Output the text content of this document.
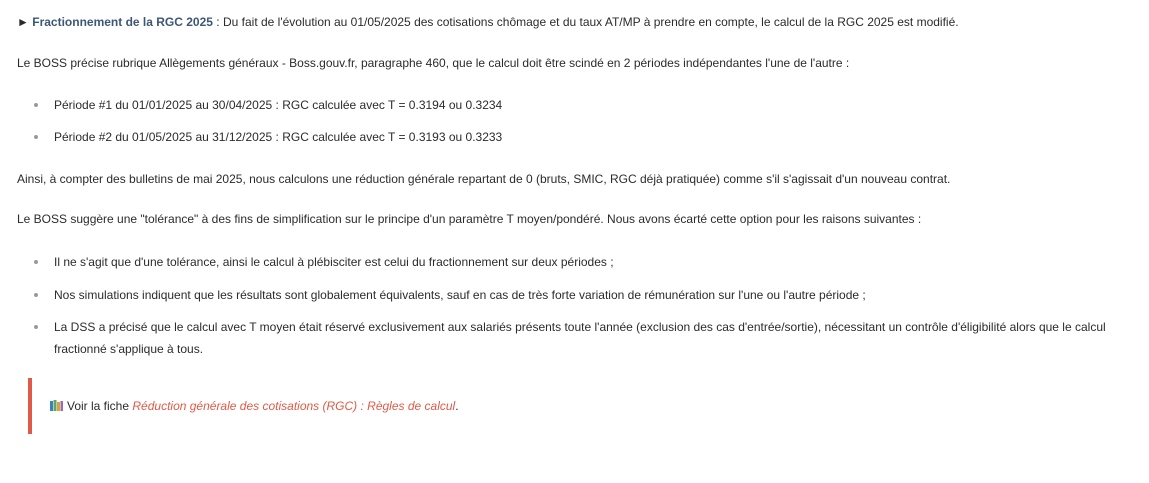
► Fractionnement de la RGC 2025 : Du fait de l'évolution au 01/05/2025 des cotisations chômage et du taux AT/MP à prendre en compte, le calcul de la RGC 2025 est modifié.

Le BOSS précise rubrique Allègements généraux - Boss.gouv.fr, paragraphe 460, que le calcul doit être scindé en 2 périodes indépendantes l'une de l'autre :

Période #1 du 01/01/2025 au 30/04/2025 : RGC calculée avec T = 0.3194 ou 0.3234
Période #2 du 01/05/2025 au 31/12/2025 : RGC calculée avec T = 0.3193 ou 0.3233

Ainsi, à compter des bulletins de mai 2025, nous calculons une réduction générale repartant de 0 (bruts, SMIC, RGC déjà pratiquée) comme s'il s'agissait d'un nouveau contrat.

Le BOSS suggère une "tolérance" à des fins de simplification sur le principe d'un paramètre T moyen/pondéré. Nous avons écarté cette option pour les raisons suivantes :

Il ne s'agit que d'une tolérance, ainsi le calcul à plébisciter est celui du fractionnement sur deux périodes ;
Nos simulations indiquent que les résultats sont globalement équivalents, sauf en cas de très forte variation de rémunération sur l'une ou l'autre période ;
La DSS a précisé que le calcul avec T moyen était réservé exclusivement aux salariés présents toute l'année (exclusion des cas d'entrée/sortie), nécessitant un contrôle d'éligibilité alors que le calcul fractionné s'applique à tous.
Voir la fiche Réduction générale des cotisations (RGC) : Règles de calcul.
